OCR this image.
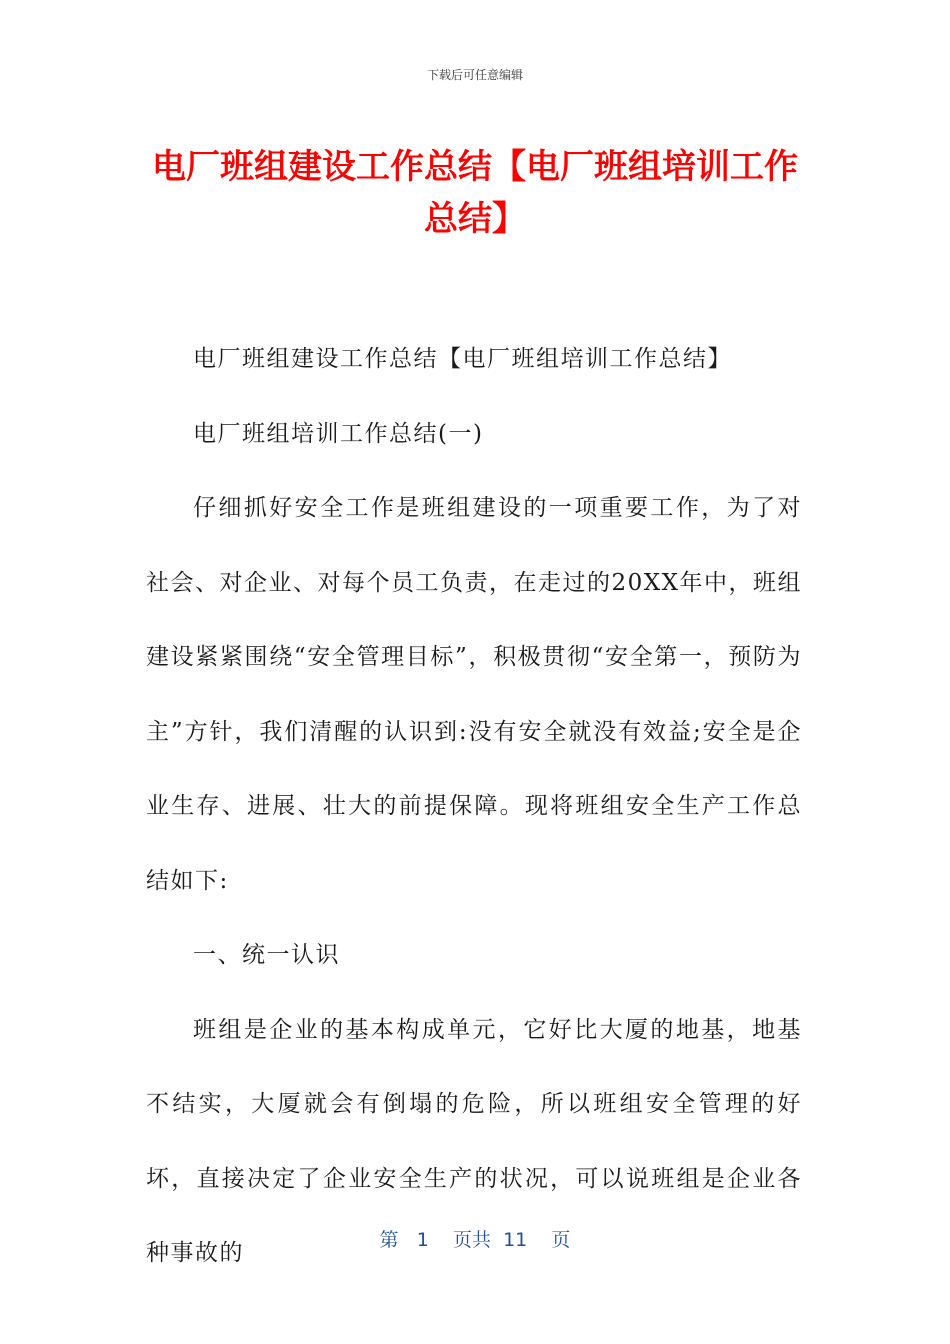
下载后可任意编辑
电厂班组建设工作总结【电厂班组培训工作总结】

电厂班组建设工作总结【电厂班组培训工作总结】

电厂班组培训工作总结(一)

仔细抓好安全工作是班组建设的一项重要工作，为了对社会、对企业、对每个员工负责，在走过的20XX年中，班组建设紧紧围绕“安全管理目标”，积极贯彻“安全第一，预防为主”方针，我们清醒的认识到:没有安全就没有效益;安全是企业生存、进展、壮大的前提保障。现将班组安全生产工作总结如下:

一、统一认识

班组是企业的基本构成单元，它好比大厦的地基，地基不结实，大厦就会有倒塌的危险，所以班组安全管理的好坏，直接决定了企业安全生产的状况，可以说班组是企业各种事故的	第 1 页共 11 页
